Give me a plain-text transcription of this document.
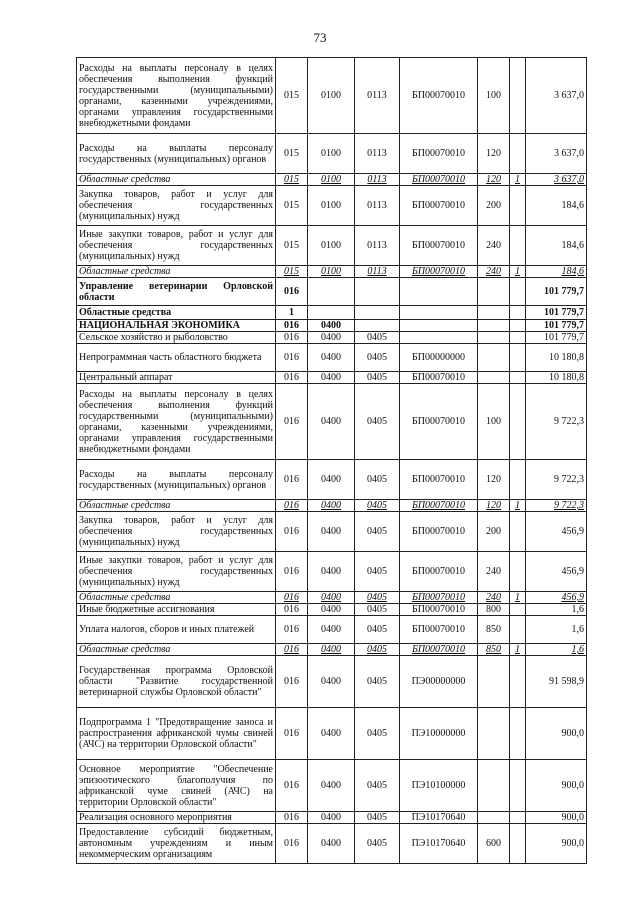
73
Расходы на выплаты персоналу в целях обеспечения выполнения функций государственными (муниципальными) органами, казенными учреждениями, органами управления государственными внебюджетными фондами	015	0100	0113	БП00070010	100		3 637,0
Расходы на выплаты персоналу государственных (муниципальных) органов	015	0100	0113	БП00070010	120		3 637,0
Областные средства	015	0100	0113	БП00070010	120	1	3 637,0
Закупка товаров, работ и услуг для обеспечения государственных (муниципальных) нужд	015	0100	0113	БП00070010	200		184,6
Иные закупки товаров, работ и услуг для обеспечения государственных (муниципальных) нужд	015	0100	0113	БП00070010	240		184,6
Областные средства	015	0100	0113	БП00070010	240	1	184,6
Управление ветеринарии Орловской области	016						101 779,7
Областные средства	1						101 779,7
НАЦИОНАЛЬНАЯ ЭКОНОМИКА	016	0400					101 779,7
Сельское хозяйство и рыболовство	016	0400	0405				101 779,7
Непрограммная часть областного бюджета	016	0400	0405	БП00000000			10 180,8
Центральный аппарат	016	0400	0405	БП00070010			10 180,8
Расходы на выплаты персоналу в целях обеспечения выполнения функций государственными (муниципальными) органами, казенными учреждениями, органами управления государственными внебюджетными фондами	016	0400	0405	БП00070010	100		9 722,3
Расходы на выплаты персоналу государственных (муниципальных) органов	016	0400	0405	БП00070010	120		9 722,3
Областные средства	016	0400	0405	БП00070010	120	1	9 722,3
Закупка товаров, работ и услуг для обеспечения государственных (муниципальных) нужд	016	0400	0405	БП00070010	200		456,9
Иные закупки товаров, работ и услуг для обеспечения государственных (муниципальных) нужд	016	0400	0405	БП00070010	240		456,9
Областные средства	016	0400	0405	БП00070010	240	1	456,9
Иные бюджетные ассигнования	016	0400	0405	БП00070010	800		1,6
Уплата налогов, сборов и иных платежей	016	0400	0405	БП00070010	850		1,6
Областные средства	016	0400	0405	БП00070010	850	1	1,6
Государственная программа Орловской области "Развитие государственной ветеринарной службы Орловской области"	016	0400	0405	ПЭ00000000			91 598,9
Подпрограмма 1 "Предотвращение заноса и распространения африканской чумы свиней (АЧС) на территории Орловской области"	016	0400	0405	ПЭ10000000			900,0
Основное мероприятие "Обеспечение эпизоотического благополучия по африканской чуме свиней (АЧС) на территории Орловской области"	016	0400	0405	ПЭ10100000			900,0
Реализация основного мероприятия	016	0400	0405	ПЭ10170640			900,0
Предоставление субсидий бюджетным, автономным учреждениям и иным некоммерческим организациям	016	0400	0405	ПЭ10170640	600		900,0
